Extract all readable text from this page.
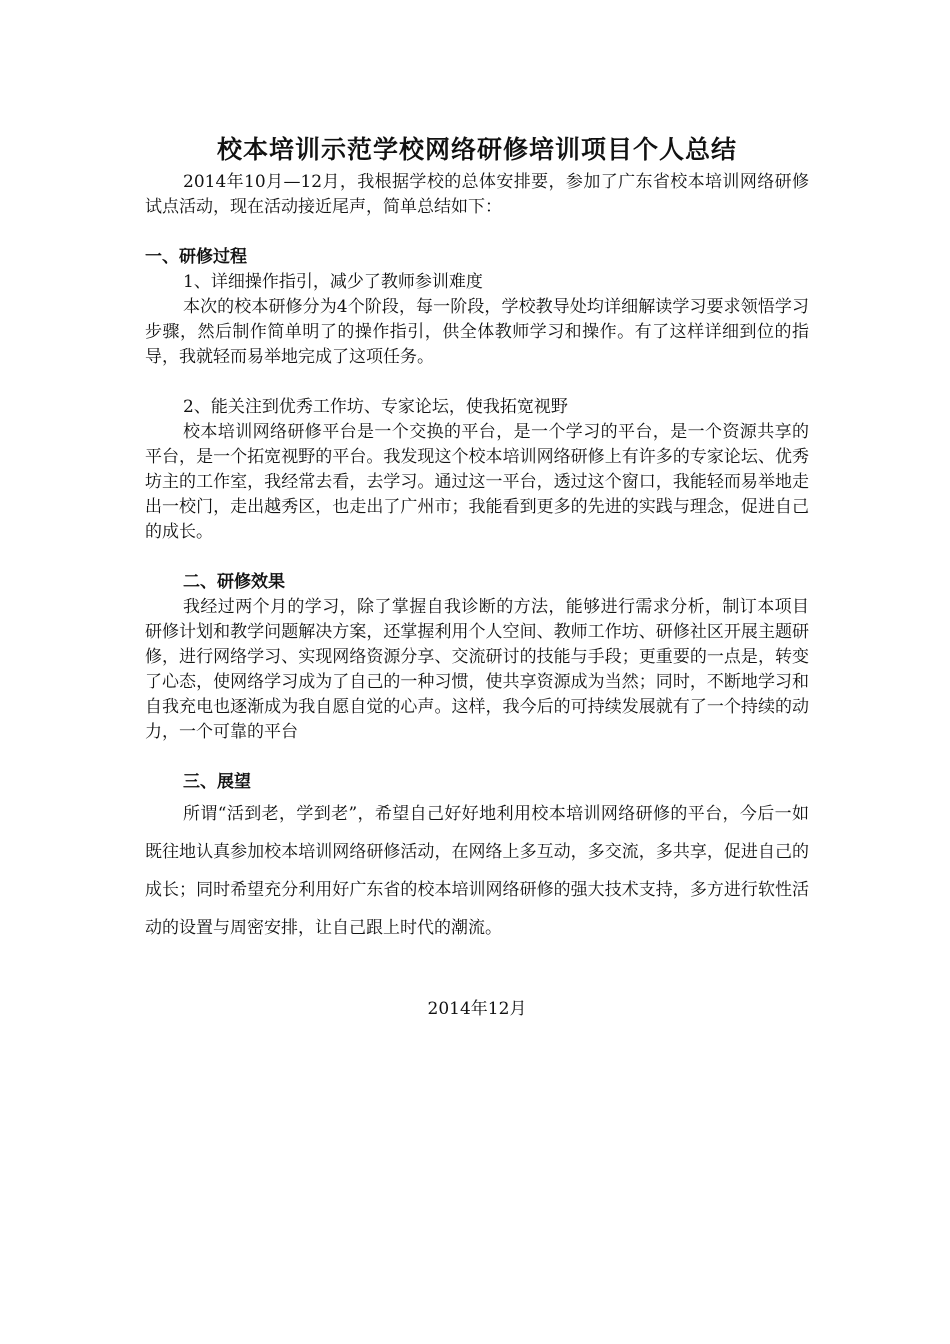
校本培训示范学校网络研修培训项目个人总结

2014年10月—12月，我根据学校的总体安排要，参加了广东省校本培训网络研修试点活动，现在活动接近尾声，简单总结如下：

一、研修过程

1、详细操作指引，减少了教师参训难度

本次的校本研修分为4个阶段，每一阶段，学校教导处均详细解读学习要求领悟学习步骤，然后制作简单明了的操作指引，供全体教师学习和操作。有了这样详细到位的指导，我就轻而易举地完成了这项任务。

2、能关注到优秀工作坊、专家论坛，使我拓宽视野

校本培训网络研修平台是一个交换的平台，是一个学习的平台，是一个资源共享的平台，是一个拓宽视野的平台。我发现这个校本培训网络研修上有许多的专家论坛、优秀坊主的工作室，我经常去看，去学习。通过这一平台，透过这个窗口，我能轻而易举地走出一校门，走出越秀区，也走出了广州市；我能看到更多的先进的实践与理念，促进自己的成长。

二、研修效果

我经过两个月的学习，除了掌握自我诊断的方法，能够进行需求分析，制订本项目研修计划和教学问题解决方案，还掌握利用个人空间、教师工作坊、研修社区开展主题研修，进行网络学习、实现网络资源分享、交流研讨的技能与手段；更重要的一点是，转变了心态，使网络学习成为了自己的一种习惯，使共享资源成为当然；同时，不断地学习和自我充电也逐渐成为我自愿自觉的心声。这样，我今后的可持续发展就有了一个持续的动力，一个可靠的平台

三、展望

所谓“活到老，学到老”，希望自己好好地利用校本培训网络研修的平台，今后一如既往地认真参加校本培训网络研修活动，在网络上多互动，多交流，多共享，促进自己的成长；同时希望充分利用好广东省的校本培训网络研修的强大技术支持，多方进行软性活动的设置与周密安排，让自己跟上时代的潮流。

2014年12月
